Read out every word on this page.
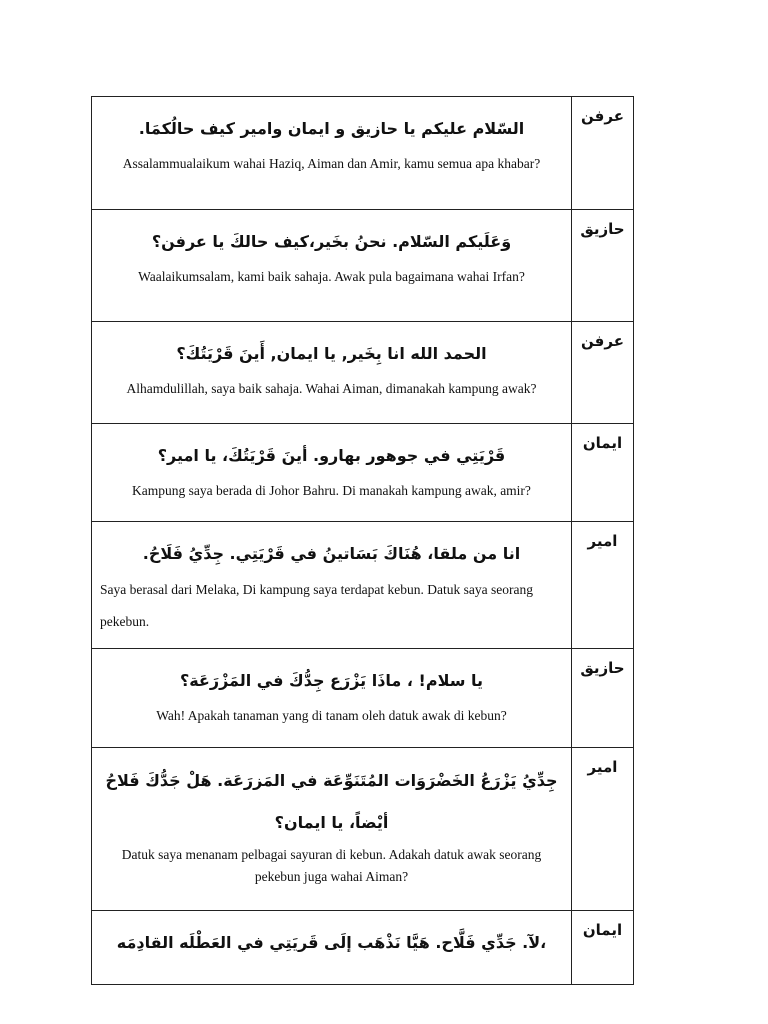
السّلام عليكم يا حازيق و ايمان وامير كيف حالُكمَا.
Assalammualaikum wahai Haziq, Aiman dan Amir, kamu semua apa khabar?	عرفن

وَعَلَيكم السّلام. نحنُ بخَير،كيف حالكَ يا عرفن؟
Waalaikumsalam, kami baik sahaja. Awak pula bagaimana wahai Irfan?	حازيق

الحمد الله انا بِخَير, يا ايمان, أَينَ قَرْيَتُكَ؟
Alhamdulillah, saya baik sahaja. Wahai Aiman, dimanakah kampung awak?	عرفن

قَرْيَتِي في جوهور بهارو. أينَ قَرْيَتُكَ، يا امير؟
Kampung saya berada di Johor Bahru. Di manakah kampung awak, amir?	ايمان

انا من ملقا، هُنَاكَ بَسَاتينُ في قَرْيَتِي. جِدِّيُ فَلَاحُ.
Saya berasal dari Melaka, Di kampung saya terdapat kebun. Datuk saya seorang pekebun.	امير

يا سلام! ، ماذَا يَزْرَع جِدُّكَ في المَزْرَعَة؟
Wah! Apakah tanaman yang di tanam oleh datuk awak di kebun?	حازيق

جِدِّيُ يَزْرَعُ الخَضْرَوَات المُتَنَوِّعَة في المَزرَعَة. هَلْ جَدُّكَ فَلاحُ أيْضاً، يا ايمان؟
Datuk saya menanam pelbagai sayuran di kebun. Adakah datuk awak seorang pekebun juga wahai Aiman?	امير

،لآ. جَدِّي فَلَّاح. هَيَّا نَذْهَب إلَى قَريَتِي في العَطْلَه القادِمَه	ايمان
